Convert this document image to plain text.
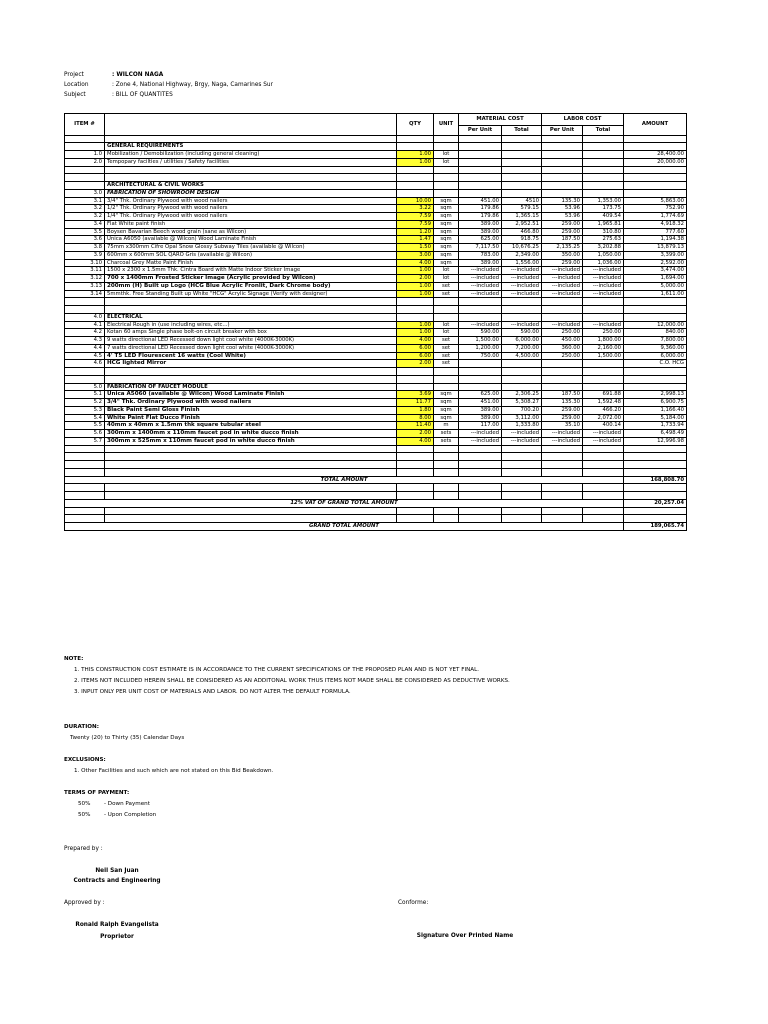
Project	: WILCON NAGA
Location	: Zone 4, National Highway, Brgy, Naga, Camarines Sur
Subject	: BILL OF QUANTITES
ITEM #		QTY	UNIT	MATERIAL COST		LABOR COST		AMOUNT
				Per Unit	Total	Per Unit	Total	

	GENERAL REQUIREMENTS							
1.0	Mobilization / Demobilization (including general cleaning)	1.00	lot					28,400.00
2.0	Tempopary facilties / utilities / Safety facilities	1.00	lot					20,000.00

	ARCHITECTURAL & CIVIL WORKS							
3.0	FABRICATION OF SHOWROOM DESIGN							
3.1	3/4" Thk. Ordinary Plywood with wood nailers	10.00	sqm	451.00	4510	135.30	1,353.00	5,863.00
3.2	1/2" Thk. Ordinary Plywood with wood nailers	3.22	sqm	179.86	579.15	53.96	173.75	752.90
3.2	1/4" Thk. Ordinary Plywood with wood nailers	7.59	sqm	179.86	1,365.15	53.96	409.54	1,774.69
3.4	Flat White paint finish	7.59	sqm	389.00	2,952.51	259.00	1,965.81	4,918.32
3.5	Boysen Bavarian Beech wood grain (sane as Wilcon)	1.20	sqm	389.00	466.80	259.00	310.80	777.60
3.6	Unica A6050 (available @ Wilcon) Wood Laminate Finish	1.47	sqm	625.00	918.75	187.50	275.63	1,194.38
3.8	75mm x300mm Cifre Opal Snow Glossy Subway Tiles (available @ Wilcon)	1.50	sqm	7,117.50	10,676.25	2,135.25	3,202.88	13,879.13
3.9	600mm x 600mm SOL QARO Gris (available @ Wilcon)	3.00	sqm	783.00	2,349.00	350.00	1,050.00	3,399.00
3.10	Charcoal Grey Matte Paint Finish	4.00	sqm	389.00	1,556.00	259.00	1,036.00	2,592.00
3.11	1500 x 2300 x 1.5mm Thk. Cintra Board with Matte Indoor Sticker Image	1.00	lot	---included	---included	---included	---included	3,474.00
3.12	700 x 1400mm Frosted Sticker Image (Acrylic provided by Wilcon)	2.00	lot	---included	---included	---included	---included	1,694.00
3.13	200mm (H) Built up Logo (HCG Blue Acrylic Fronlit, Dark Chrome body)	1.00	set	---included	---included	---included	---included	5,000.00
3.14	5mmthk. Free Standing Built up White "HCG" Acrylic Signage (Verify with designer)	1.00	set	---included	---included	---included	---included	1,611.00

4.0	ELECTRICAL							
4.1	Electrical Rough in (use including wires, etc...)	1.00	lot	---included	---included	---included	---included	12,000.00
4.2	Kotan 60 amps Single phase bolt-on circuit breaker with box	1.00	lot	590.00	590.00	250.00	250.00	840.00
4.3	9 watts directional LED Recessed down light cool white (4000K-3000K)	4.00	set	1,500.00	6,000.00	450.00	1,800.00	7,800.00
4.4	7 watts directional LED Recessed down light cool white (4000K-3000K)	6.00	set	1,200.00	7,200.00	360.00	2,160.00	9,360.00
4.5	4' T5 LED Flourescent 16 watts (Cool White)	6.00	set	750.00	4,500.00	250.00	1,500.00	6,000.00
4.6	HCG lighted Mirror	2.00	set					C.O. HCG

5.0	FABRICATION OF FAUCET MODULE							
5.1	Unica A5060 (available @ Wilcon) Wood Laminate Finish	3.69	sqm	625.00	2,306.25	187.50	691.88	2,998.13
5.2	3/4" Thk. Ordinary Plywood with wood nailers	11.77	sqm	451.00	5,308.27	135.30	1,592.48	6,900.75
5.3	Black Paint Semi Gloss Finish	1.80	sqm	389.00	700.20	259.00	466.20	1,166.40
5.4	White Paint Flat Ducco Finish	8.00	sqm	389.00	3,112.00	259.00	2,072.00	5,184.00
5.5	40mm x 40mm x 1.5mm thk square tubular steel	11.40	m	117.00	1,333.80	35.10	400.14	1,733.94
5.6	300mm x 1400mm x 110mm faucet pod in white ducco finish	2.00	sets	---included	---included	---included	---included	6,498.49
5.7	300mm x 525mm x 110mm faucet pod in white ducco finish	4.00	sets	---included	---included	---included	---included	12,996.98

TOTAL AMOUNT								168,808.70

12% VAT OF GRAND TOTAL AMOUNT								20,257.04

GRAND TOTAL AMOUNT								189,065.74
NOTE:
1. THIS CONSTRUCTION COST ESTIMATE IS IN ACCORDANCE TO THE CURRENT SPECIFICATIONS OF THE PROPOSED PLAN AND IS NOT YET FINAL.
2. ITEMS NOT INCLUDED HEREIN SHALL BE CONSIDERED AS AN ADDITONAL WORK THUS ITEMS NOT MADE SHALL BE CONSIDERED AS DEDUCTIVE WORKS.
3. INPUT ONLY PER UNIT COST OF MATERIALS AND LABOR. DO NOT ALTER THE DEFAULT FORMULA.
DURATION:
Twenty (20) to Thirty (35) Calendar Days
EXCLUSIONS:
1. Other Facilities and such which are not stated on this Bid Beakdown.
TERMS OF PAYMENT:
50% - Down Payment
50% - Upon Completion
Prepared by :
Neil San Juan
Contracts and Engineering
Approved by :
Ronald Ralph Evangelista
Proprietor
Conforme:
Signature Over Printed Name
